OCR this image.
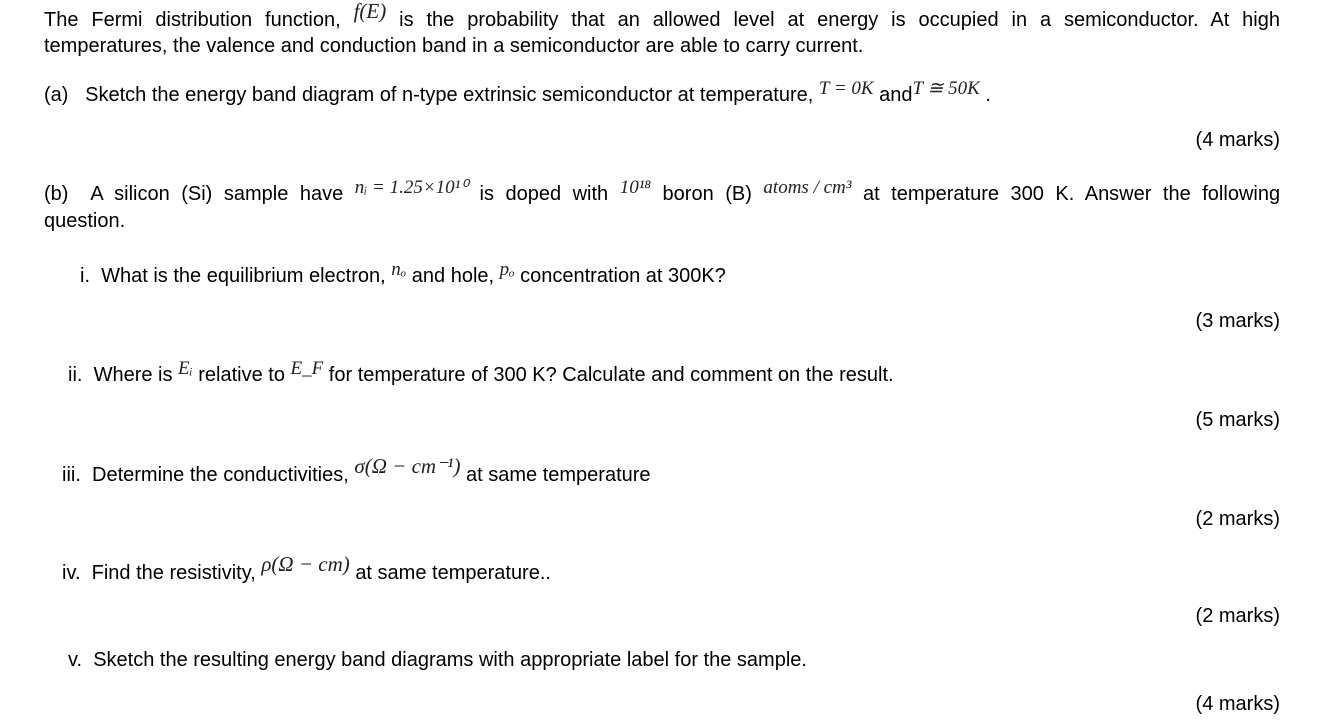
The Fermi distribution function, f(E) is the probability that an allowed level at energy is occupied in a semiconductor. At high
temperatures, the valence and conduction band in a semiconductor are able to carry current.
(a) Sketch the energy band diagram of n-type extrinsic semiconductor at temperature, T = 0K andT ≅ 50K .
(4 marks)
(b) A silicon (Si) sample have nᵢ = 1.25×10¹⁰ is doped with 10¹⁸ boron (B) atoms / cm³ at temperature 300 K. Answer the following
question.
i. What is the equilibrium electron, nₒ and hole, pₒ concentration at 300K?
(3 marks)
ii. Where is Eᵢ relative to E_F for temperature of 300 K? Calculate and comment on the result.
(5 marks)
iii. Determine the conductivities, σ(Ω − cm⁻¹) at same temperature
(2 marks)
iv. Find the resistivity, ρ(Ω − cm) at same temperature..
(2 marks)
v. Sketch the resulting energy band diagrams with appropriate label for the sample.
(4 marks)
